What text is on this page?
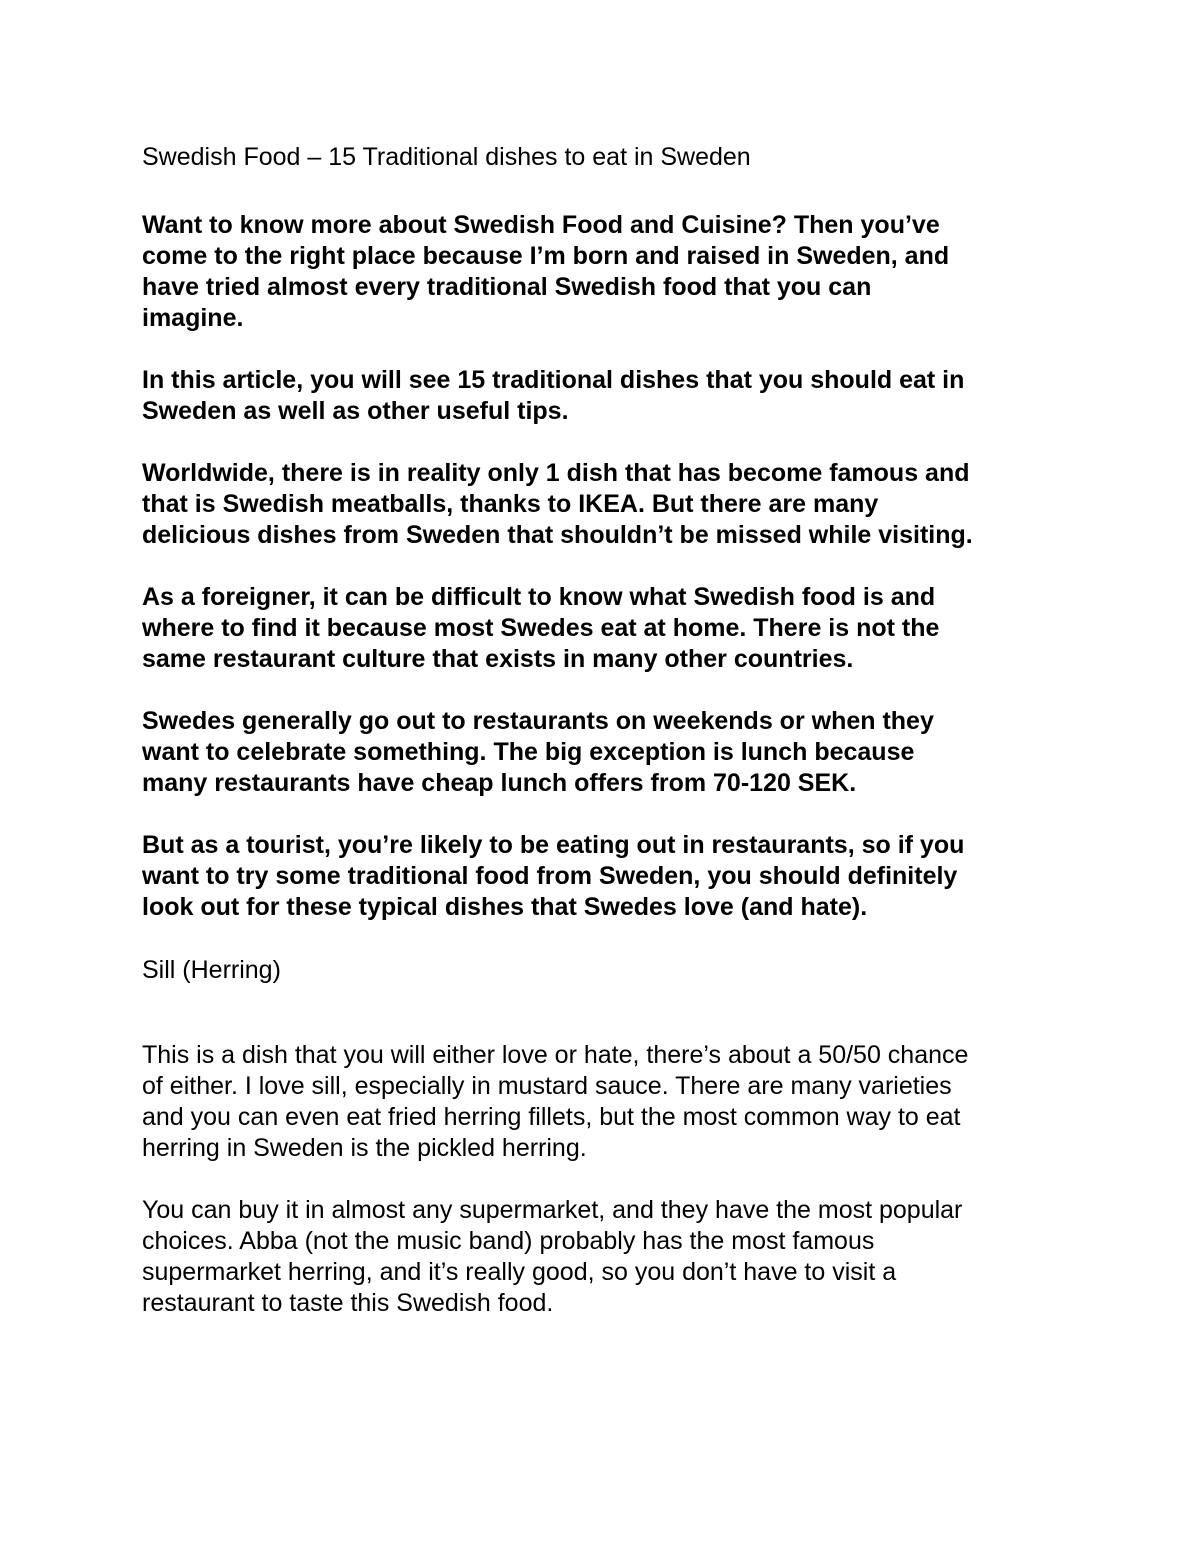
Swedish Food – 15 Traditional dishes to eat in Sweden
Want to know more about Swedish Food and Cuisine? Then you’ve
come to the right place because I’m born and raised in Sweden, and
have tried almost every traditional Swedish food that you can
imagine.
In this article, you will see 15 traditional dishes that you should eat in
Sweden as well as other useful tips.
Worldwide, there is in reality only 1 dish that has become famous and
that is Swedish meatballs, thanks to IKEA. But there are many
delicious dishes from Sweden that shouldn’t be missed while visiting.
As a foreigner, it can be difficult to know what Swedish food is and
where to find it because most Swedes eat at home. There is not the
same restaurant culture that exists in many other countries.
Swedes generally go out to restaurants on weekends or when they
want to celebrate something. The big exception is lunch because
many restaurants have cheap lunch offers from 70-120 SEK.
But as a tourist, you’re likely to be eating out in restaurants, so if you
want to try some traditional food from Sweden, you should definitely
look out for these typical dishes that Swedes love (and hate).
Sill (Herring)
This is a dish that you will either love or hate, there’s about a 50/50 chance
of either. I love sill, especially in mustard sauce. There are many varieties
and you can even eat fried herring fillets, but the most common way to eat
herring in Sweden is the pickled herring.
You can buy it in almost any supermarket, and they have the most popular
choices. Abba (not the music band) probably has the most famous
supermarket herring, and it’s really good, so you don’t have to visit a
restaurant to taste this Swedish food.
